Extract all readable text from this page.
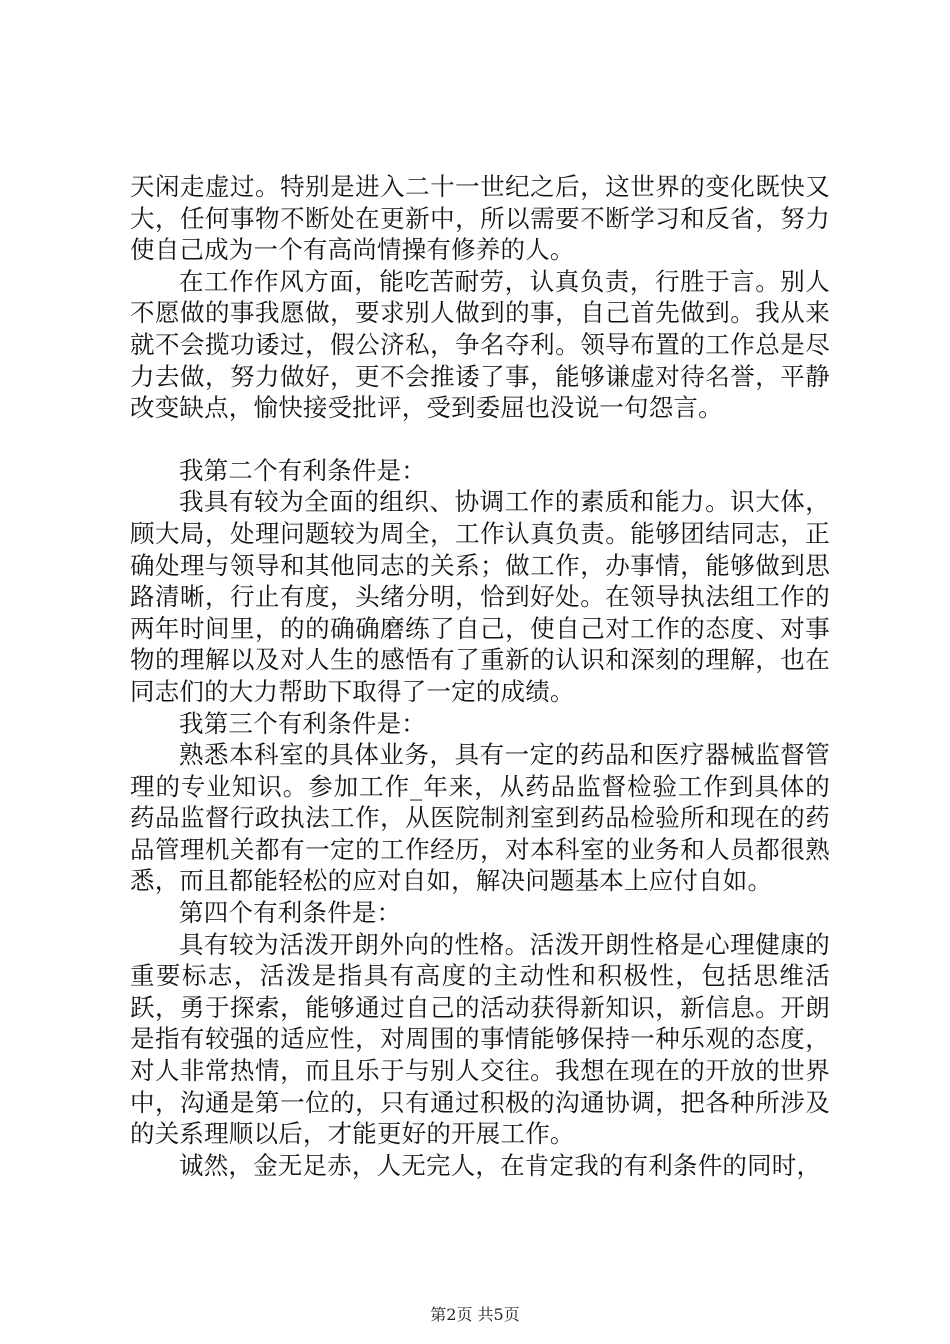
天闲走虚过。特别是进入二十一世纪之后，这世界的变化既快又大，任何事物不断处在更新中，所以需要不断学习和反省，努力使自己成为一个有高尚情操有修养的人。

在工作作风方面，能吃苦耐劳，认真负责，行胜于言。别人不愿做的事我愿做，要求别人做到的事，自己首先做到。我从来就不会揽功诿过，假公济私，争名夺利。领导布置的工作总是尽力去做，努力做好，更不会推诿了事，能够谦虚对待名誉，平静改变缺点，愉快接受批评，受到委屈也没说一句怨言。

我第二个有利条件是：

我具有较为全面的组织、协调工作的素质和能力。识大体，顾大局，处理问题较为周全，工作认真负责。能够团结同志，正确处理与领导和其他同志的关系；做工作，办事情，能够做到思路清晰，行止有度，头绪分明，恰到好处。在领导执法组工作的两年时间里，的的确确磨练了自己，使自己对工作的态度、对事物的理解以及对人生的感悟有了重新的认识和深刻的理解，也在同志们的大力帮助下取得了一定的成绩。

我第三个有利条件是：

熟悉本科室的具体业务，具有一定的药品和医疗器械监督管理的专业知识。参加工作_年来，从药品监督检验工作到具体的药品监督行政执法工作，从医院制剂室到药品检验所和现在的药品管理机关都有一定的工作经历，对本科室的业务和人员都很熟悉，而且都能轻松的应对自如，解决问题基本上应付自如。

第四个有利条件是：

具有较为活泼开朗外向的性格。活泼开朗性格是心理健康的重要标志，活泼是指具有高度的主动性和积极性，包括思维活跃，勇于探索，能够通过自己的活动获得新知识，新信息。开朗是指有较强的适应性，对周围的事情能够保持一种乐观的态度，对人非常热情，而且乐于与别人交往。我想在现在的开放的世界中，沟通是第一位的，只有通过积极的沟通协调，把各种所涉及的关系理顺以后，才能更好的开展工作。

诚然，金无足赤，人无完人，在肯定我的有利条件的同时，

第2页 共5页
